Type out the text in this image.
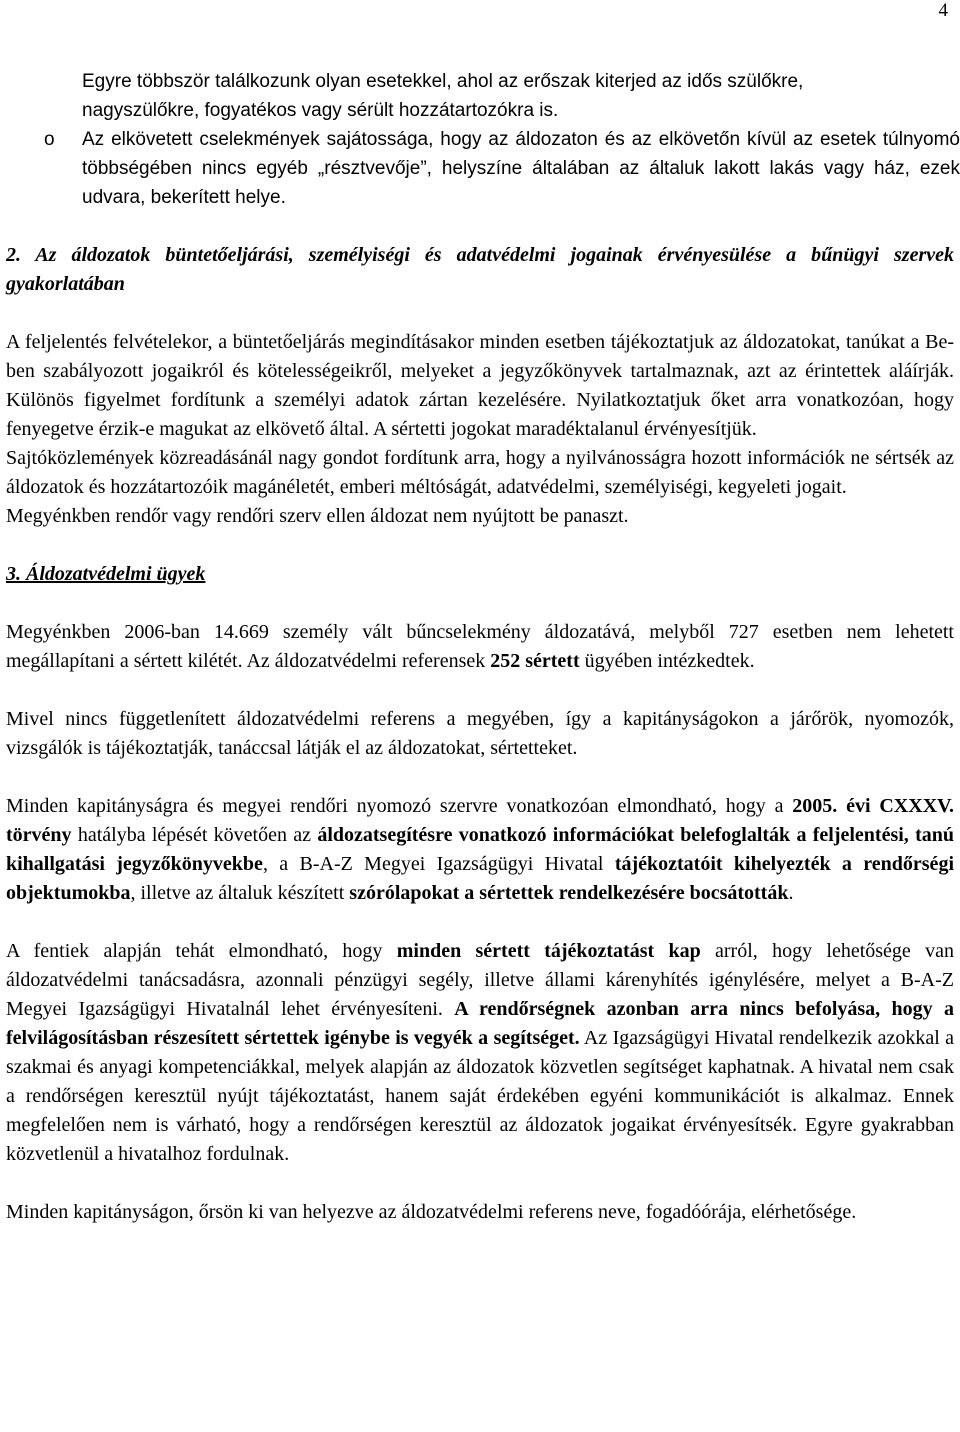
4

Egyre többször találkozunk olyan esetekkel, ahol az erőszak kiterjed az idős szülőkre,
nagyszülőkre, fogyatékos vagy sérült hozzátartozókra is.

o Az elkövetett cselekmények sajátossága, hogy az áldozaton és az elkövetőn kívül az esetek túlnyomó többségében nincs egyéb „résztvevője”, helyszíne általában az általuk lakott lakás vagy ház, ezek udvara, bekerített helye.

2. Az áldozatok büntetőeljárási, személyiségi és adatvédelmi jogainak érvényesülése a bűnügyi szervek gyakorlatában

A feljelentés felvételekor, a büntetőeljárás megindításakor minden esetben tájékoztatjuk az áldozatokat, tanúkat a Be-ben szabályozott jogaikról és kötelességeikről, melyeket a jegyzőkönyvek tartalmaznak, azt az érintettek aláírják. Különös figyelmet fordítunk a személyi adatok zártan kezelésére. Nyilatkoztatjuk őket arra vonatkozóan, hogy fenyegetve érzik-e magukat az elkövető által. A sértetti jogokat maradéktalanul érvényesítjük.

Sajtóközlemények közreadásánál nagy gondot fordítunk arra, hogy a nyilvánosságra hozott információk ne sértsék az áldozatok és hozzátartozóik magánéletét, emberi méltóságát, adatvédelmi, személyiségi, kegyeleti jogait.

Megyénkben rendőr vagy rendőri szerv ellen áldozat nem nyújtott be panaszt.

3. Áldozatvédelmi ügyek

Megyénkben 2006-ban 14.669 személy vált bűncselekmény áldozatává, melyből 727 esetben nem lehetett megállapítani a sértett kilétét. Az áldozatvédelmi referensek 252 sértett ügyében intézkedtek.

Mivel nincs függetlenített áldozatvédelmi referens a megyében, így a kapitányságokon a járőrök, nyomozók, vizsgálók is tájékoztatják, tanáccsal látják el az áldozatokat, sértetteket.

Minden kapitányságra és megyei rendőri nyomozó szervre vonatkozóan elmondható, hogy a 2005. évi CXXXV. törvény hatályba lépését követően az áldozatsegítésre vonatkozó információkat belefoglalták a feljelentési, tanú kihallgatási jegyzőkönyvekbe, a B-A-Z Megyei Igazságügyi Hivatal tájékoztatóit kihelyezték a rendőrségi objektumokba, illetve az általuk készített szórólapokat a sértettek rendelkezésére bocsátották.

A fentiek alapján tehát elmondható, hogy minden sértett tájékoztatást kap arról, hogy lehetősége van áldozatvédelmi tanácsadásra, azonnali pénzügyi segély, illetve állami kárenyhítés igénylésére, melyet a B-A-Z Megyei Igazságügyi Hivatalnál lehet érvényesíteni. A rendőrségnek azonban arra nincs befolyása, hogy a felvilágosításban részesített sértettek igénybe is vegyék a segítséget. Az Igazságügyi Hivatal rendelkezik azokkal a szakmai és anyagi kompetenciákkal, melyek alapján az áldozatok közvetlen segítséget kaphatnak. A hivatal nem csak a rendőrségen keresztül nyújt tájékoztatást, hanem saját érdekében egyéni kommunikációt is alkalmaz. Ennek megfelelően nem is várható, hogy a rendőrségen keresztül az áldozatok jogaikat érvényesítsék. Egyre gyakrabban közvetlenül a hivatalhoz fordulnak.

Minden kapitányságon, őrsön ki van helyezve az áldozatvédelmi referens neve, fogadóórája, elérhetősége.
